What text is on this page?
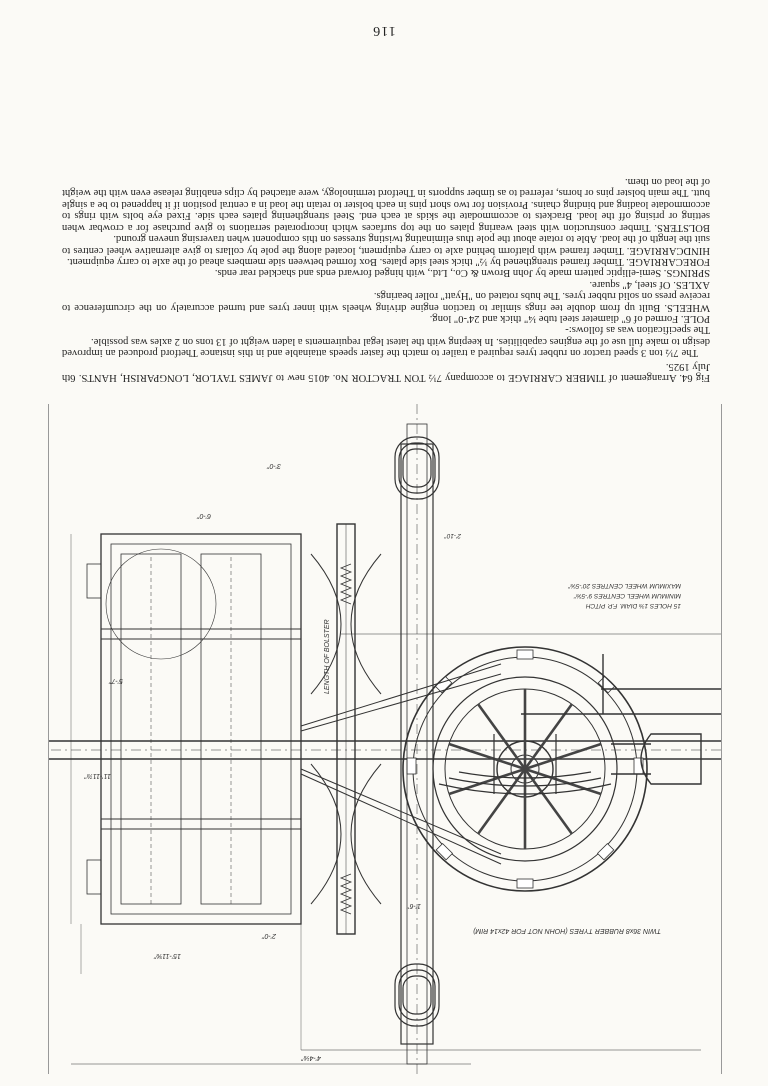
116

Fig 64. Arrangement of TIMBER CARRIAGE to accompany 7½ TON TRACTOR No. 4015 new to JAMES TAYLOR, LONGPARISH, HANTS. 6th July 1925.

The 7½ ton 3 speed tractor on rubber tyres required a trailer to match the faster speeds attainable and in this instance Thetford produced an improved design to make full use of the engines capabilities. In keeping with the latest legal requirements a laden weight of 13 tons on 2 axles was possible.

The specification was as follows:-

POLE. Formed of 6" diameter steel tube ¼" thick and 24'-0" long.

WHEELS. Built up from double tee rings similar to traction engine driving wheels with inner tyres and turned accurately on the circumference to receive press on solid rubber tyres. The hubs rotated on "Hyatt" roller bearings.

AXLES. Of steel, 4" square.

SPRINGS. Semi-elliptic pattern made by John Brown & Co., Ltd., with hinged forward ends and shackled rear ends.

FORECARRIAGE. Timber framed strengthened by ½" thick steel side plates. Box formed between side members ahead of the axle to carry equipment.

HINDCARRIAGE. Timber framed with platform behind axle to carry equipment, located along the pole by collars to give alternative wheel centres to suit the length of the load. Able to rotate about the pole thus eliminating twisting stresses on this component when traversing uneven ground.

BOLSTERS. Timber construction with steel wearing plates on the top surfaces which incorporated serrations to give purchase for a crowbar when setting or prising off the load. Brackets to accommodate the skids at each end. Steel strengthening plates each side. Fixed eye bolts with rings to accommodate loading and binding chains. Provision for two short pins in each bolster to retain the load in a central position if it happened to be a single butt. The main bolster pins or horns, referred to as timber supports in Thetford terminology, were attached by clips enabling release even with the weight of the load on them.

TWIN 36x8 RUBBER TYRES (HOHN NOT FOR 42x14 RIM)
15'-11⅝"
4'-4⅛"
3'-0"
5'-7"
6'-0"
2'-0"
1'-6"
11'-11⅞"
LENGTH OF BOLSTER
15 HOLES 1⅜ DIAM. F.P. PITCH
MINIMUM WHEEL CENTRES 9'-5⅝"
MAXIMUM WHEEL CENTRES 20'-5⅝"
2'-10"
